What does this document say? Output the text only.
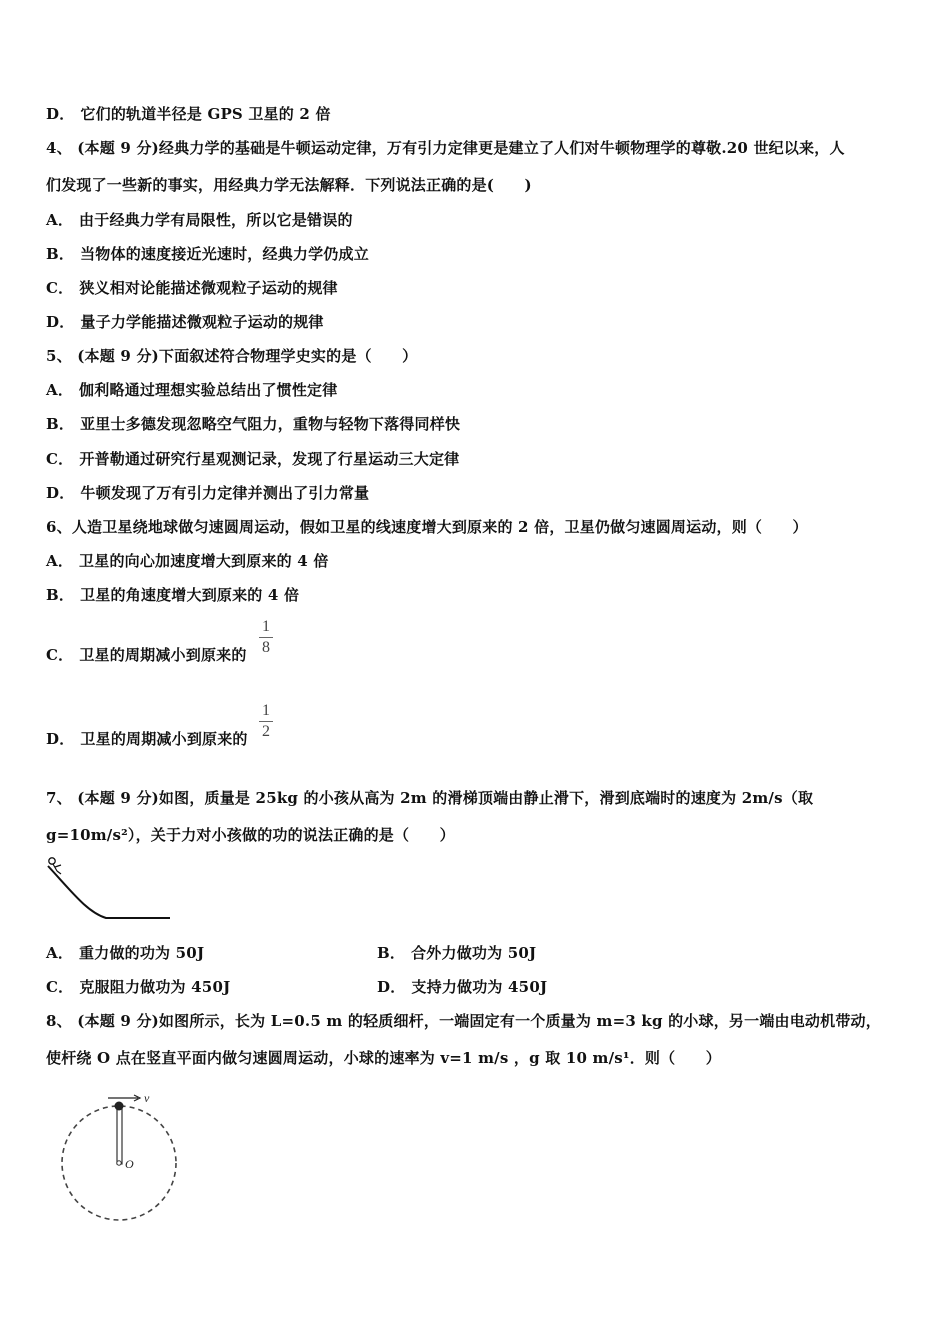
D． 它们的轨道半径是 GPS 卫星的 2 倍
4、 (本题 9 分)经典力学的基础是牛顿运动定律，万有引力定律更是建立了人们对牛顿物理学的尊敬.20 世纪以来，人
们发现了一些新的事实，用经典力学无法解释．下列说法正确的是(　　)
A． 由于经典力学有局限性，所以它是错误的
B． 当物体的速度接近光速时，经典力学仍成立
C． 狭义相对论能描述微观粒子运动的规律
D． 量子力学能描述微观粒子运动的规律
5、 (本题 9 分)下面叙述符合物理学史实的是（　　）
A． 伽利略通过理想实验总结出了惯性定律
B． 亚里士多德发现忽略空气阻力，重物与轻物下落得同样快
C． 开普勒通过研究行星观测记录，发现了行星运动三大定律
D． 牛顿发现了万有引力定律并测出了引力常量
6、人造卫星绕地球做匀速圆周运动，假如卫星的线速度增大到原来的 2 倍，卫星仍做匀速圆周运动，则（　　）
A． 卫星的向心加速度增大到原来的 4 倍
B． 卫星的角速度增大到原来的 4 倍
C． 卫星的周期减小到原来的
1
8
D． 卫星的周期减小到原来的
1
2
7、 (本题 9 分)如图，质量是 25kg 的小孩从高为 2m 的滑梯顶端由静止滑下，滑到底端时的速度为 2m/s（取
g=10m/s²），关于力对小孩做的功的说法正确的是（　　）
A． 重力做的功为 50J	B． 合外力做功为 50J
C． 克服阻力做功为 450J	D． 支持力做功为 450J
8、 (本题 9 分)如图所示，长为 L=0.5 m 的轻质细杆，一端固定有一个质量为 m=3 kg 的小球，另一端由电动机带动，
使杆绕 O 点在竖直平面内做匀速圆周运动，小球的速率为 v=1 m/s ，g 取 10 m/s¹．则（　　）
v
O
